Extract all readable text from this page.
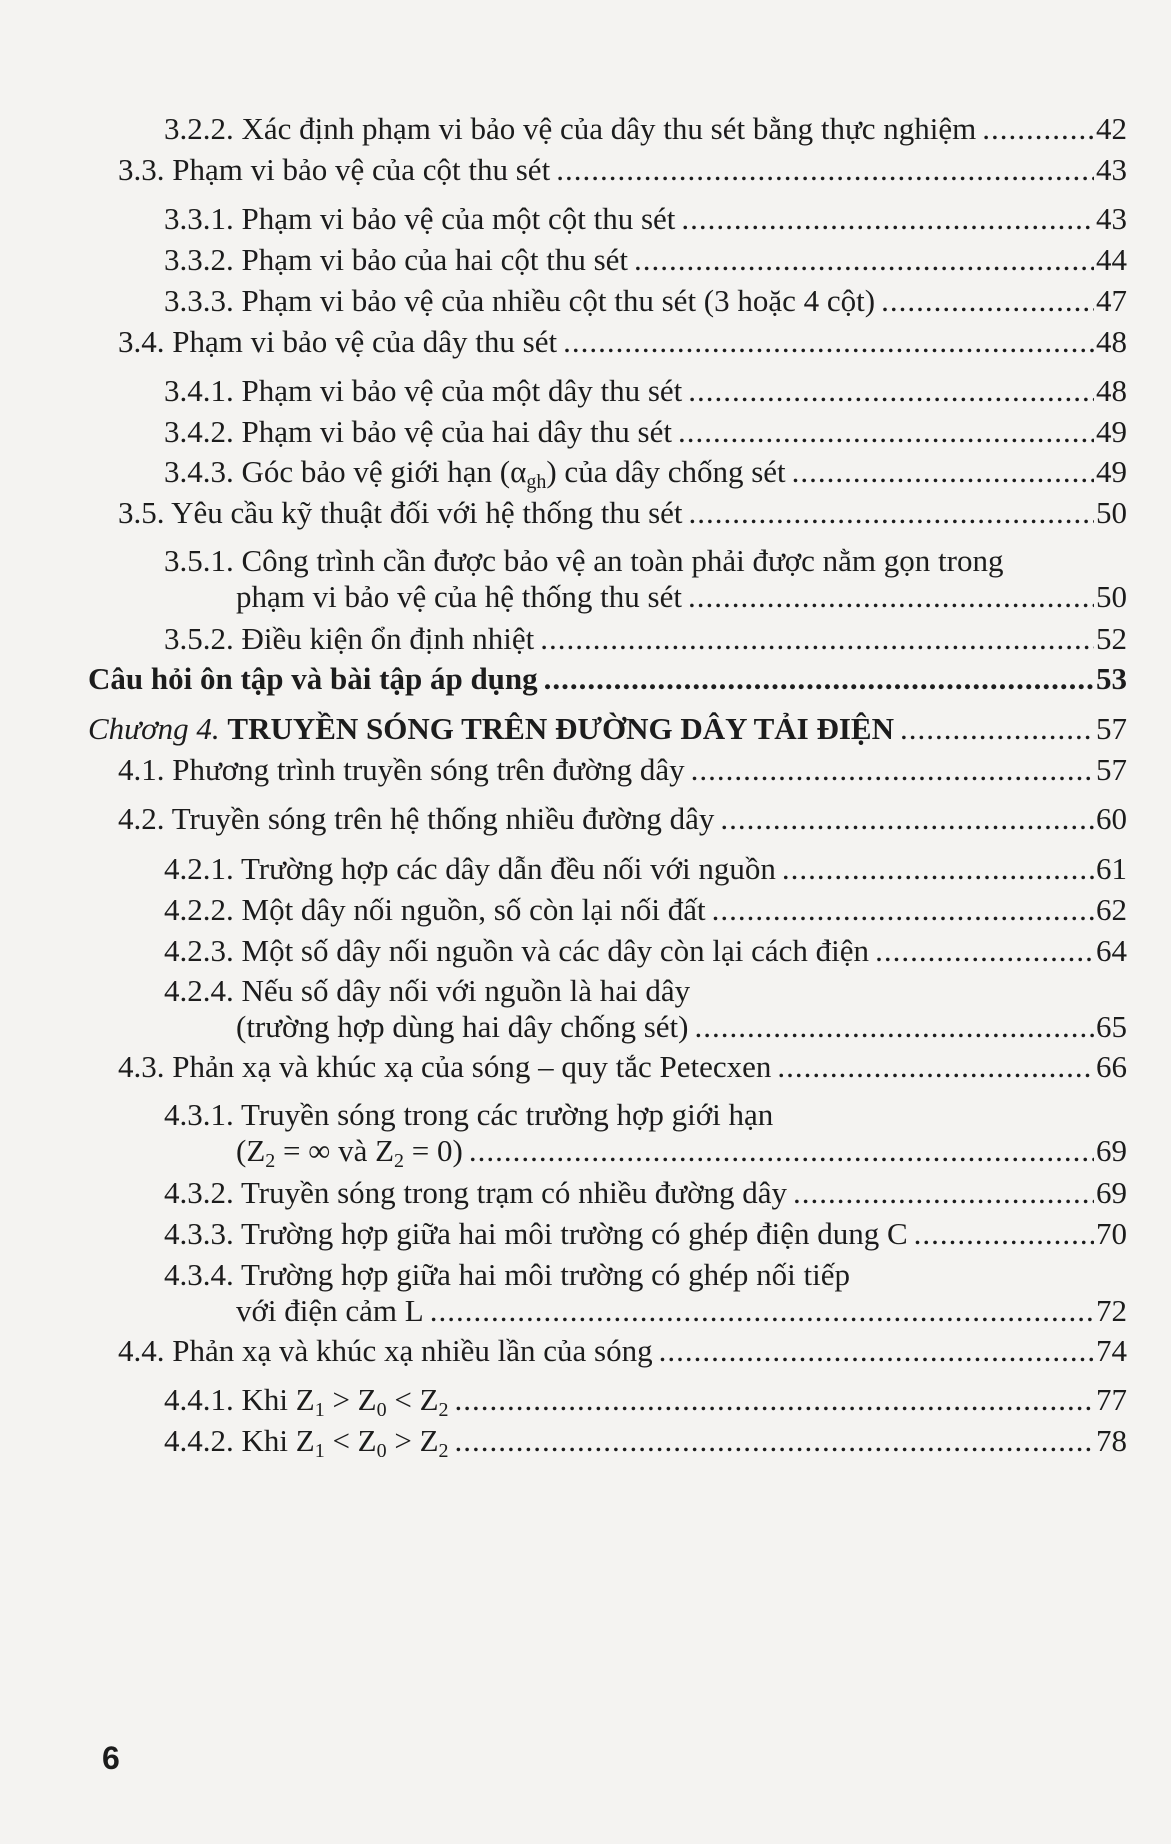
3.2.2. Xác định phạm vi bảo vệ của dây thu sét bằng thực nghiệm .....	42
3.3. Phạm vi bảo vệ của cột thu sét .....	43
3.3.1. Phạm vi bảo vệ của một cột thu sét .....	43
3.3.2. Phạm vi bảo của hai cột thu sét .....	44
3.3.3. Phạm vi bảo vệ của nhiều cột thu sét (3 hoặc 4 cột) .....	47
3.4. Phạm vi bảo vệ của dây thu sét .....	48
3.4.1. Phạm vi bảo vệ của một dây thu sét .....	48
3.4.2. Phạm vi bảo vệ của hai dây thu sét .....	49
3.4.3. Góc bảo vệ giới hạn $(\alpha_{gh})$ của dây chống sét .....	49
3.5. Yêu cầu kỹ thuật đối với hệ thống thu sét .....	50
3.5.1. Công trình cần được bảo vệ an toàn phải được nằm gọn trong
phạm vi bảo vệ của hệ thống thu sét .....	50
3.5.2. Điều kiện ổn định nhiệt .....	52
Câu hỏi ôn tập và bài tập áp dụng .....	53
Chương 4. TRUYỀN SÓNG TRÊN ĐƯỜNG DÂY TẢI ĐIỆN .....	57
4.1. Phương trình truyền sóng trên đường dây .....	57
4.2. Truyền sóng trên hệ thống nhiều đường dây .....	60
4.2.1. Trường hợp các dây dẫn đều nối với nguồn .....	61
4.2.2. Một dây nối nguồn, số còn lại nối đất .....	62
4.2.3. Một số dây nối nguồn và các dây còn lại cách điện .....	64
4.2.4. Nếu số dây nối với nguồn là hai dây
(trường hợp dùng hai dây chống sét) .....	65
4.3. Phản xạ và khúc xạ của sóng – quy tắc Petecxen .....	66
4.3.1. Truyền sóng trong các trường hợp giới hạn
($Z_2$ = ∞ và $Z_2 = 0$) .....	69
4.3.2. Truyền sóng trong trạm có nhiều đường dây .....	69
4.3.3. Trường hợp giữa hai môi trường có ghép điện dung C .....	70
4.3.4. Trường hợp giữa hai môi trường có ghép nối tiếp
với điện cảm L .....	72
4.4. Phản xạ và khúc xạ nhiều lần của sóng .....	74
4.4.1. Khi $Z_1 > Z_0 < Z_2$ .....	77
4.4.2. Khi $Z_1 < Z_0 > Z_2$ .....	78
6
